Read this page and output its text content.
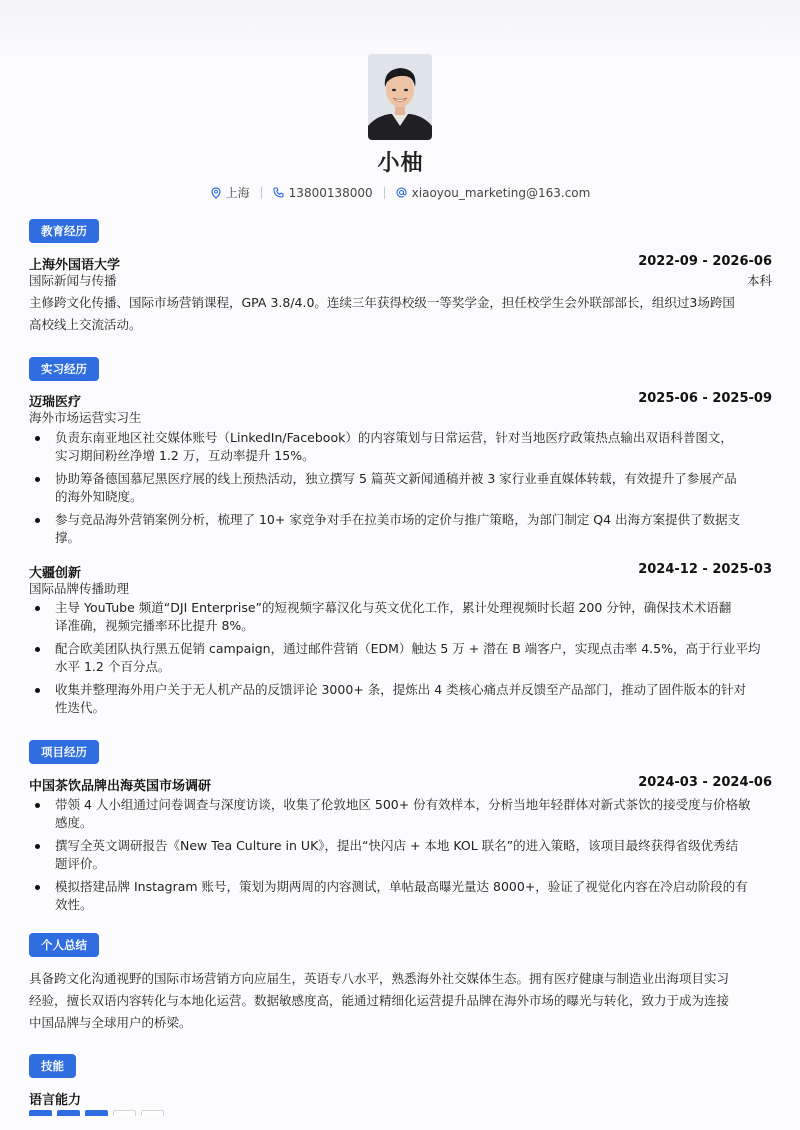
小柚
上海	13800138000	xiaoyou_marketing@163.com
教育经历
上海外国语大学	2022-09 - 2026-06
国际新闻与传播	本科
主修跨文化传播、国际市场营销课程，GPA 3.8/4.0。连续三年获得校级一等奖学金，担任校学生会外联部部长，组织过3场跨国
高校线上交流活动。
实习经历
迈瑞医疗	2025-06 - 2025-09
海外市场运营实习生
负责东南亚地区社交媒体账号（LinkedIn/Facebook）的内容策划与日常运营，针对当地医疗政策热点输出双语科普图文，
实习期间粉丝净增 1.2 万，互动率提升 15%。
协助筹备德国慕尼黑医疗展的线上预热活动，独立撰写 5 篇英文新闻通稿并被 3 家行业垂直媒体转载，有效提升了参展产品
的海外知晓度。
参与竞品海外营销案例分析，梳理了 10+ 家竞争对手在拉美市场的定价与推广策略，为部门制定 Q4 出海方案提供了数据支
撑。
大疆创新	2024-12 - 2025-03
国际品牌传播助理
主导 YouTube 频道“DJI Enterprise”的短视频字幕汉化与英文优化工作，累计处理视频时长超 200 分钟，确保技术术语翻
译准确，视频完播率环比提升 8%。
配合欧美团队执行黑五促销 campaign，通过邮件营销（EDM）触达 5 万 + 潜在 B 端客户，实现点击率 4.5%，高于行业平均
水平 1.2 个百分点。
收集并整理海外用户关于无人机产品的反馈评论 3000+ 条，提炼出 4 类核心痛点并反馈至产品部门，推动了固件版本的针对
性迭代。
项目经历
中国茶饮品牌出海英国市场调研	2024-03 - 2024-06
带领 4 人小组通过问卷调查与深度访谈，收集了伦敦地区 500+ 份有效样本，分析当地年轻群体对新式茶饮的接受度与价格敏
感度。
撰写全英文调研报告《New Tea Culture in UK》，提出“快闪店 + 本地 KOL 联名”的进入策略，该项目最终获得省级优秀结
题评价。
模拟搭建品牌 Instagram 账号，策划为期两周的内容测试，单帖最高曝光量达 8000+，验证了视觉化内容在冷启动阶段的有
效性。
个人总结
具备跨文化沟通视野的国际市场营销方向应届生，英语专八水平，熟悉海外社交媒体生态。拥有医疗健康与制造业出海项目实习
经验，擅长双语内容转化与本地化运营。数据敏感度高，能通过精细化运营提升品牌在海外市场的曝光与转化，致力于成为连接
中国品牌与全球用户的桥梁。
技能
语言能力
